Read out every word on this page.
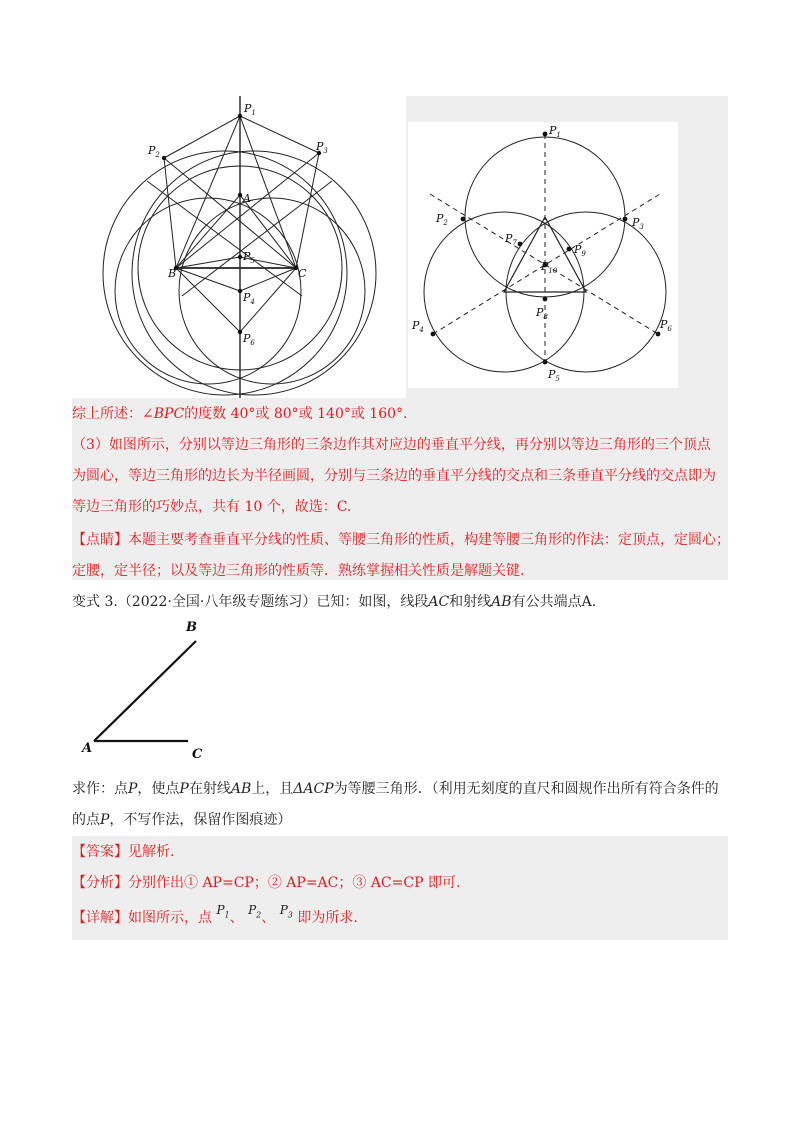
$P_1$
$P_2$
$P_3$
$P_4$
$P_5$
$P_6$
A
B	C
$P_1$
$P_2$	$P_3$
$P_4$
$P_5$
$P_6$
$P_7$
$P_8$
$P_9$
$P_{10}$
综上所述：∠BPC的度数 40°或 80°或 140°或 160°.
（3）如图所示，分别以等边三角形的三条边作其对应边的垂直平分线，再分别以等边三角形的三个顶点
为圆心，等边三角形的边长为半径画圆，分别与三条边的垂直平分线的交点和三条垂直平分线的交点即为
等边三角形的巧妙点，共有 10 个，故选：C.
【点睛】本题主要考查垂直平分线的性质、等腰三角形的性质，构建等腰三角形的作法：定顶点，定圆心；
定腰，定半径；以及等边三角形的性质等．熟练掌握相关性质是解题关键.
变式 3.（2022·全国·八年级专题练习）已知：如图，线段AC和射线AB有公共端点A.
B
A	C
求作：点P，使点P在射线AB上，且ΔACP为等腰三角形．（利用无刻度的直尺和圆规作出所有符合条件的
的点P，不写作法，保留作图痕迹）
【答案】见解析.
【分析】分别作出① AP=CP；② AP=AC；③ AC=CP 即可.
【详解】如图所示，点 $P_1$、 $P_2$、 $P_3$ 即为所求.
